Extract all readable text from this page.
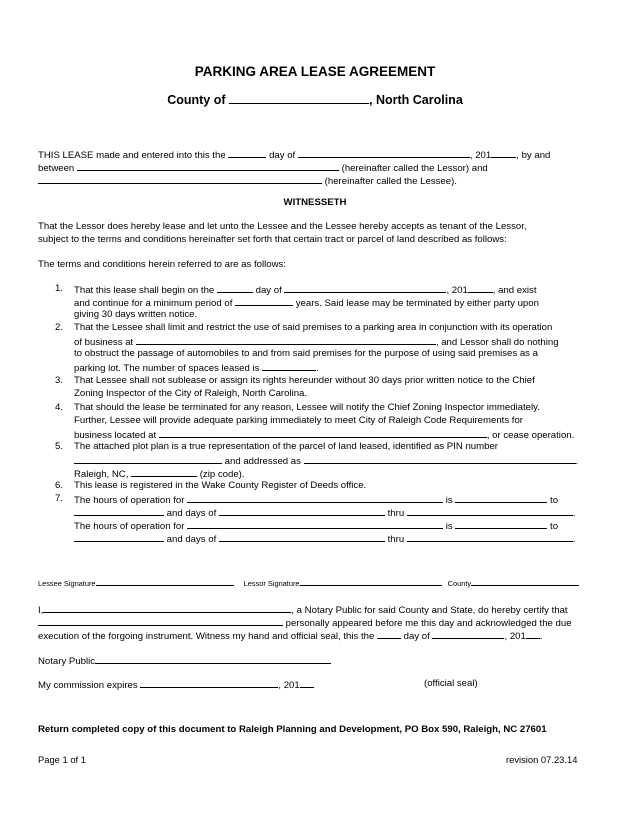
PARKING AREA LEASE AGREEMENT
County of	, North Carolina
THIS LEASE made and entered into this the	day of	, 201	, by and
between	(hereinafter called the Lessor) and
(hereinafter called the Lessee).
WITNESSETH
That the Lessor does hereby lease and let unto the Lessee and the Lessee hereby accepts as tenant of the Lessor,
subject to the terms and conditions hereinafter set forth that certain tract or parcel of land described as follows:
The terms and conditions herein referred to are as follows:
1. That this lease shall begin on the	day of	, 201	, and exist
and continue for a minimum period of	years. Said lease may be terminated by either party upon
giving 30 days written notice.
2. That the Lessee shall limit and restrict the use of said premises to a parking area in conjunction with its operation
of business at	, and Lessor shall do nothing
to obstruct the passage of automobiles to and from said premises for the purpose of using said premises as a
parking lot. The number of spaces leased is	.
3. That Lessee shall not sublease or assign its rights hereunder without 30 days prior written notice to the Chief
Zoning Inspector of the City of Raleigh, North Carolina.
4. That should the lease be terminated for any reason, Lessee will notify the Chief Zoning Inspector immediately.
Further, Lessee will provide adequate parking immediately to meet City of Raleigh Code Requirements for
business located at	, or cease operation.
5. The attached plot plan is a true representation of the parcel of land leased, identified as PIN number
and addressed as	.
Raleigh, NC,	(zip code).
6. This lease is registered in the Wake County Register of Deeds office.
7. The hours of operation for	is	to
and days of	thru	.
The hours of operation for	is	to
and days of	thru	.
Lessee Signature	Lessor Signature	County
I,	, a Notary Public for said County and State, do hereby certify that
personally appeared before me this day and acknowledged the due
execution of the forgoing instrument. Witness my hand and official seal, this the	day of	, 201 .
Notary Public
My commission expires	, 201	(official seal)
Return completed copy of this document to Raleigh Planning and Development, PO Box 590, Raleigh, NC 27601
Page 1 of 1	revision 07.23.14
